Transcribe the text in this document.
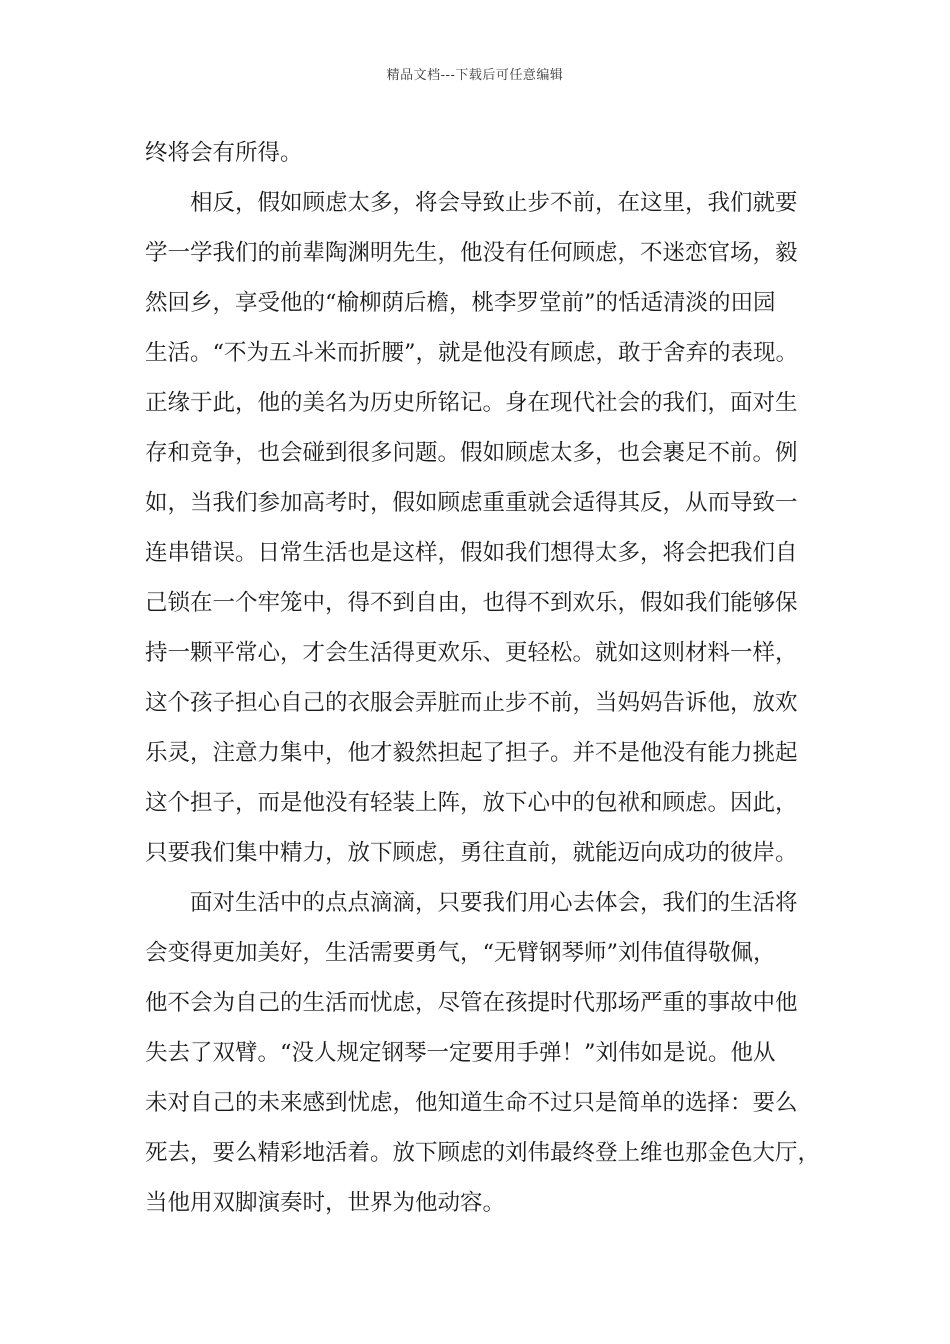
精品文档---下载后可任意编辑
终将会有所得。
相反，假如顾虑太多，将会导致止步不前，在这里，我们就要
学一学我们的前辈陶渊明先生，他没有任何顾虑，不迷恋官场，毅
然回乡，享受他的“榆柳荫后檐，桃李罗堂前”的恬适清淡的田园
生活。“不为五斗米而折腰”，就是他没有顾虑，敢于舍弃的表现。
正缘于此，他的美名为历史所铭记。身在现代社会的我们，面对生
存和竞争，也会碰到很多问题。假如顾虑太多，也会裹足不前。例
如，当我们参加高考时，假如顾虑重重就会适得其反，从而导致一
连串错误。日常生活也是这样，假如我们想得太多，将会把我们自
己锁在一个牢笼中，得不到自由，也得不到欢乐，假如我们能够保
持一颗平常心，才会生活得更欢乐、更轻松。就如这则材料一样，
这个孩子担心自己的衣服会弄脏而止步不前，当妈妈告诉他，放欢
乐灵，注意力集中，他才毅然担起了担子。并不是他没有能力挑起
这个担子，而是他没有轻装上阵，放下心中的包袱和顾虑。因此，
只要我们集中精力，放下顾虑，勇往直前，就能迈向成功的彼岸。
面对生活中的点点滴滴，只要我们用心去体会，我们的生活将
会变得更加美好，生活需要勇气，“无臂钢琴师”刘伟值得敬佩，
他不会为自己的生活而忧虑，尽管在孩提时代那场严重的事故中他
失去了双臂。“没人规定钢琴一定要用手弹！”刘伟如是说。他从
未对自己的未来感到忧虑，他知道生命不过只是简单的选择：要么
死去，要么精彩地活着。放下顾虑的刘伟最终登上维也那金色大厅，
当他用双脚演奏时，世界为他动容。
